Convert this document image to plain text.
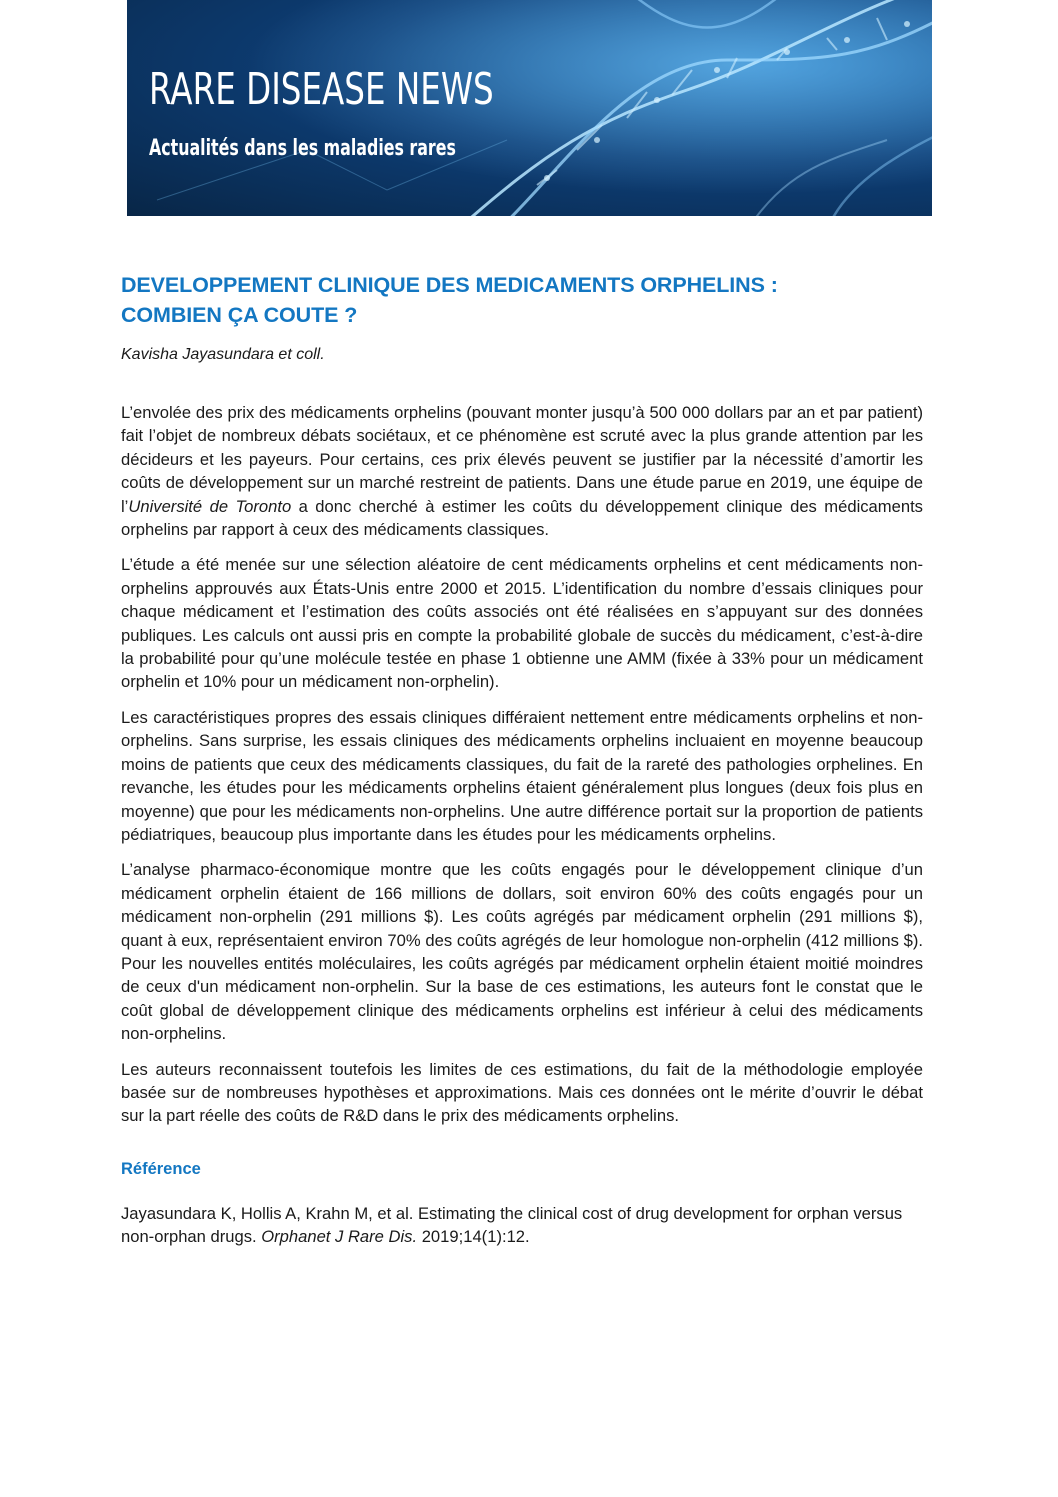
RARE DISEASE NEWS

Actualités dans les maladies rares

DEVELOPPEMENT CLINIQUE DES MEDICAMENTS ORPHELINS :
COMBIEN ÇA COUTE ?

Kavisha Jayasundara et coll.

L’envolée des prix des médicaments orphelins (pouvant monter jusqu’à 500 000 dollars par an et par patient) fait l’objet de nombreux débats sociétaux, et ce phénomène est scruté avec la plus grande attention par les décideurs et les payeurs. Pour certains, ces prix élevés peuvent se justifier par la nécessité d’amortir les coûts de développement sur un marché restreint de patients. Dans une étude parue en 2019, une équipe de l’Université de Toronto a donc cherché à estimer les coûts du développement clinique des médicaments orphelins par rapport à ceux des médicaments classiques.

L’étude a été menée sur une sélection aléatoire de cent médicaments orphelins et cent médicaments non-orphelins approuvés aux États-Unis entre 2000 et 2015. L’identification du nombre d’essais cliniques pour chaque médicament et l’estimation des coûts associés ont été réalisées en s’appuyant sur des données publiques. Les calculs ont aussi pris en compte la probabilité globale de succès du médicament, c’est-à-dire la probabilité pour qu’une molécule testée en phase 1 obtienne une AMM (fixée à 33% pour un médicament orphelin et 10% pour un médicament non-orphelin).

Les caractéristiques propres des essais cliniques différaient nettement entre médicaments orphelins et non-orphelins. Sans surprise, les essais cliniques des médicaments orphelins incluaient en moyenne beaucoup moins de patients que ceux des médicaments classiques, du fait de la rareté des pathologies orphelines. En revanche, les études pour les médicaments orphelins étaient généralement plus longues (deux fois plus en moyenne) que pour les médicaments non-orphelins. Une autre différence portait sur la proportion de patients pédiatriques, beaucoup plus importante dans les études pour les médicaments orphelins.

L’analyse pharmaco-économique montre que les coûts engagés pour le développement clinique d’un médicament orphelin étaient de 166 millions de dollars, soit environ 60% des coûts engagés pour un médicament non-orphelin (291 millions $). Les coûts agrégés par médicament orphelin (291 millions $), quant à eux, représentaient environ 70% des coûts agrégés de leur homologue non-orphelin (412 millions $). Pour les nouvelles entités moléculaires, les coûts agrégés par médicament orphelin étaient moitié moindres de ceux d'un médicament non-orphelin. Sur la base de ces estimations, les auteurs font le constat que le coût global de développement clinique des médicaments orphelins est inférieur à celui des médicaments non-orphelins.

Les auteurs reconnaissent toutefois les limites de ces estimations, du fait de la méthodologie employée basée sur de nombreuses hypothèses et approximations. Mais ces données ont le mérite d’ouvrir le débat sur la part réelle des coûts de R&D dans le prix des médicaments orphelins.

Référence

Jayasundara K, Hollis A, Krahn M, et al. Estimating the clinical cost of drug development for orphan versus non-orphan drugs. Orphanet J Rare Dis. 2019;14(1):12.
